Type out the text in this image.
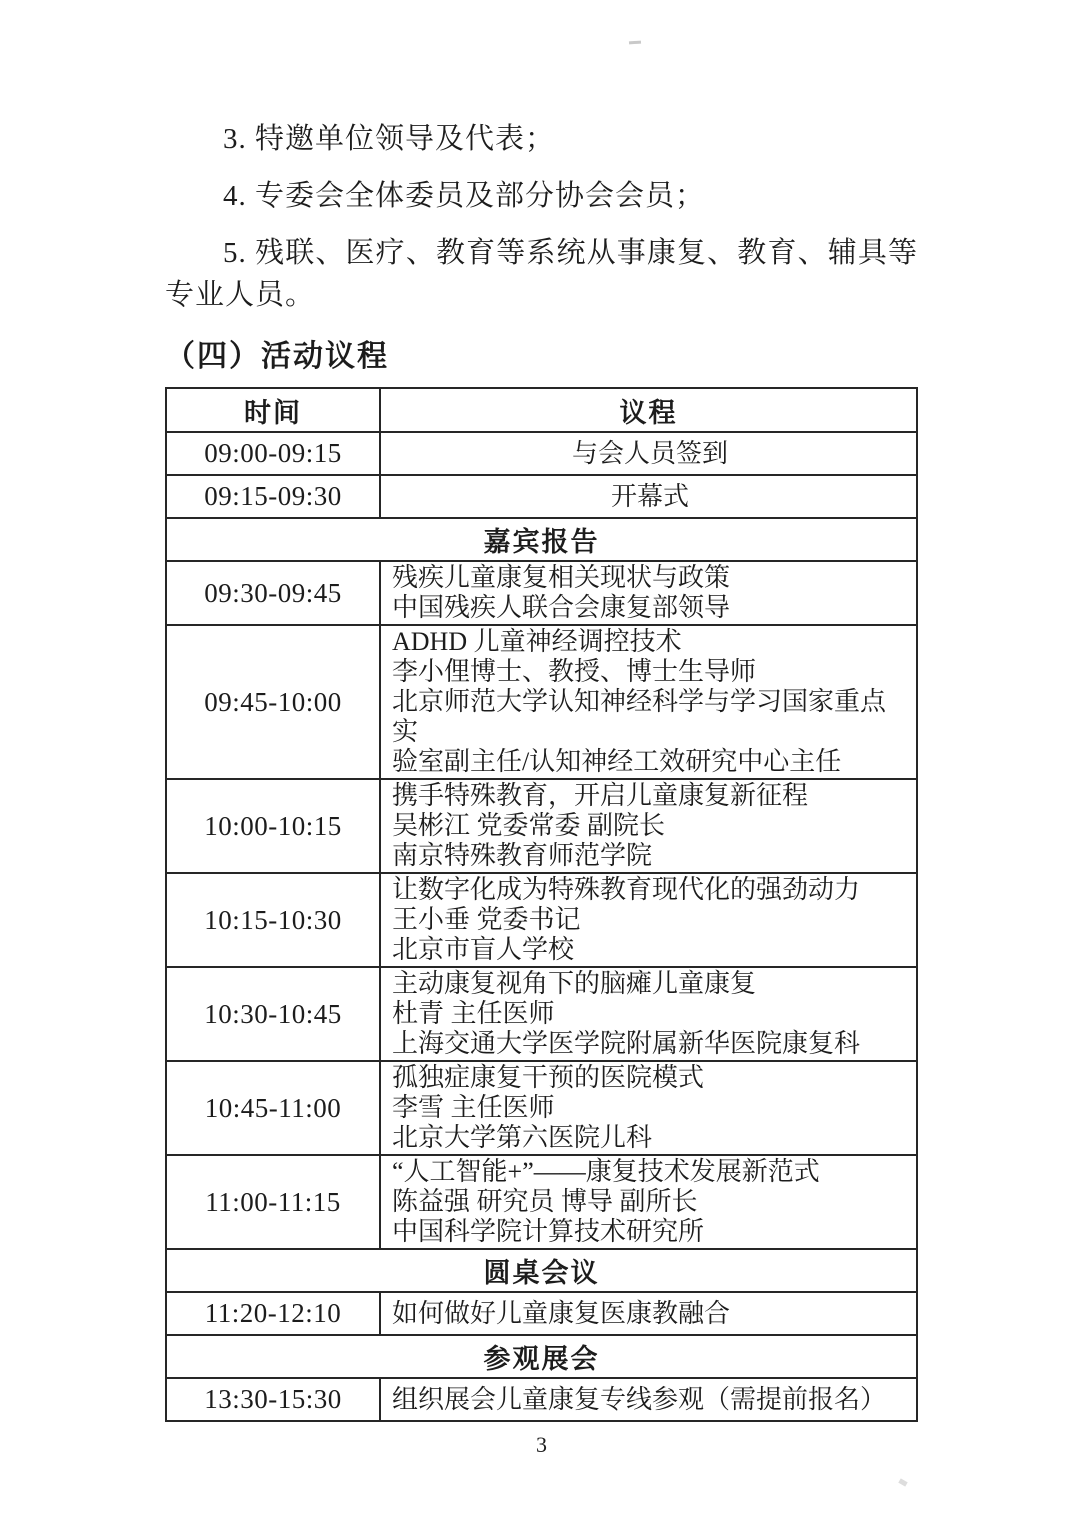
3. 特邀单位领导及代表；

4. 专委会全体委员及部分协会会员；

5. 残联、医疗、教育等系统从事康复、教育、辅具等专业人员。

（四）活动议程
时间	议程
09:00-09:15	与会人员签到

09:15-09:30	开幕式

嘉宾报告	
09:30-09:45	残疾儿童康复相关现状与政策
中国残疾人联合会康复部领导

09:45-10:00	ADHD 儿童神经调控技术
李小俚博士、教授、博士生导师
北京师范大学认知神经科学与学习国家重点实
验室副主任/认知神经工效研究中心主任

10:00-10:15	携手特殊教育，开启儿童康复新征程
吴彬江 党委常委 副院长
南京特殊教育师范学院

10:15-10:30	让数字化成为特殊教育现代化的强劲动力
王小垂 党委书记
北京市盲人学校

10:30-10:45	主动康复视角下的脑瘫儿童康复
杜青 主任医师
上海交通大学医学院附属新华医院康复科

10:45-11:00	孤独症康复干预的医院模式
李雪 主任医师
北京大学第六医院儿科

11:00-11:15	“人工智能+”——康复技术发展新范式
陈益强 研究员 博导 副所长
中国科学院计算技术研究所

圆桌会议	
11:20-12:10	如何做好儿童康复医康教融合

参观展会	
13:30-15:30	组织展会儿童康复专线参观（需提前报名）
3
